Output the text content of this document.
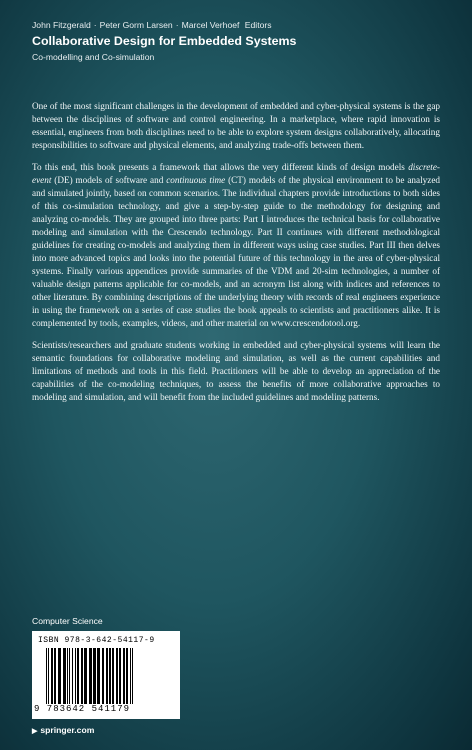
John Fitzgerald · Peter Gorm Larsen · Marcel Verhoef Editors
Collaborative Design for Embedded Systems
Co-modelling and Co-simulation

One of the most significant challenges in the development of embedded and cyber-physical systems is the gap between the disciplines of software and control engineering. In a marketplace, where rapid innovation is essential, engineers from both disciplines need to be able to explore system designs collaboratively, allocating responsibilities to software and physical elements, and analyzing trade-offs between them.

To this end, this book presents a framework that allows the very different kinds of design models discrete-event (DE) models of software and continuous time (CT) models of the physical environment to be analyzed and simulated jointly, based on common scenarios. The individual chapters provide introductions to both sides of this co-simulation technology, and give a step-by-step guide to the methodology for designing and analyzing co-models. They are grouped into three parts: Part I introduces the technical basis for collaborative modeling and simulation with the Crescendo technology. Part II continues with different methodological guidelines for creating co-models and analyzing them in different ways using case studies. Part III then delves into more advanced topics and looks into the potential future of this technology in the area of cyber-physical systems. Finally various appendices provide summaries of the VDM and 20-sim technologies, a number of valuable design patterns applicable for co-models, and an acronym list along with indices and references to other literature. By combining descriptions of the underlying theory with records of real engineers experience in using the framework on a series of case studies the book appeals to scientists and practitioners alike. It is complemented by tools, examples, videos, and other material on www.crescendotool.org.

Scientists/researchers and graduate students working in embedded and cyber-physical systems will learn the semantic foundations for collaborative modeling and simulation, as well as the current capabilities and limitations of methods and tools in this field. Practitioners will be able to develop an appreciation of the capabilities of the co-modeling techniques, to assess the benefits of more collaborative approaches to modeling and simulation, and will benefit from the included guidelines and modeling patterns.

Computer Science
ISBN 978-3-642-54117-9
9 783642 541179
▶ springer.com
